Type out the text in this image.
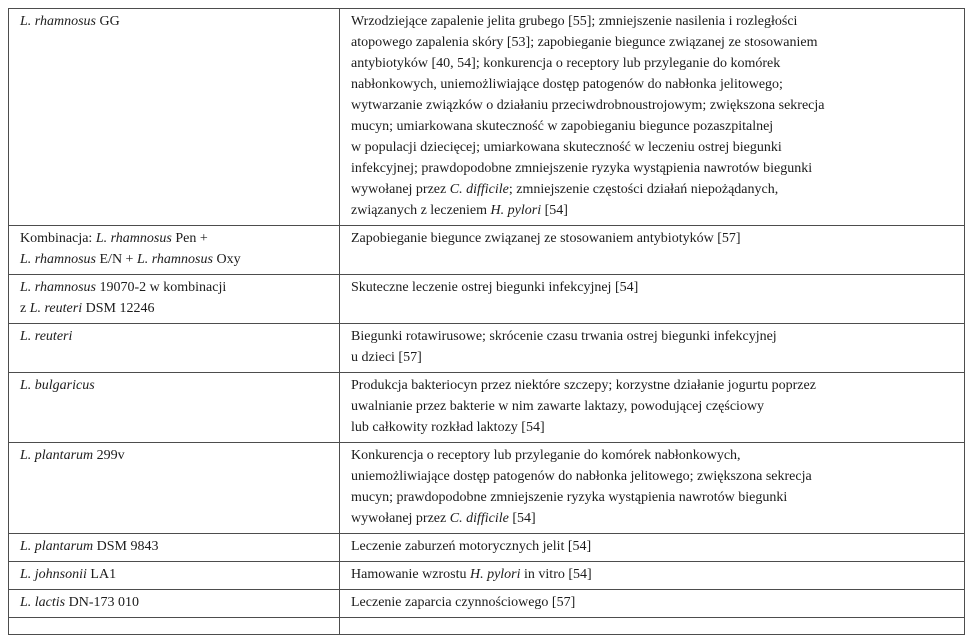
L. rhamnosus GG	Wrzodziejące zapalenie jelita grubego [55]; zmniejszenie nasilenia i rozległości
atopowego zapalenia skóry [53]; zapobieganie biegunce związanej ze stosowaniem
antybiotyków [40, 54]; konkurencja o receptory lub przyleganie do komórek
nabłonkowych, uniemożliwiające dostęp patogenów do nabłonka jelitowego;
wytwarzanie związków o działaniu przeciwdrobnoustrojowym; zwiększona sekrecja
mucyn; umiarkowana skuteczność w zapobieganiu biegunce pozaszpitalnej
w populacji dziecięcej; umiarkowana skuteczność w leczeniu ostrej biegunki
infekcyjnej; prawdopodobne zmniejszenie ryzyka wystąpienia nawrotów biegunki
wywołanej przez C. difficile; zmniejszenie częstości działań niepożądanych,
związanych z leczeniem H. pylori [54]
Kombinacja: L. rhamnosus Pen +
L. rhamnosus E/N + L. rhamnosus Oxy	Zapobieganie biegunce związanej ze stosowaniem antybiotyków [57]
L. rhamnosus 19070-2 w kombinacji
z L. reuteri DSM 12246	Skuteczne leczenie ostrej biegunki infekcyjnej [54]
L. reuteri	Biegunki rotawirusowe; skrócenie czasu trwania ostrej biegunki infekcyjnej
u dzieci [57]
L. bulgaricus	Produkcja bakteriocyn przez niektóre szczepy; korzystne działanie jogurtu poprzez
uwalnianie przez bakterie w nim zawarte laktazy, powodującej częściowy
lub całkowity rozkład laktozy [54]
L. plantarum 299v	Konkurencja o receptory lub przyleganie do komórek nabłonkowych,
uniemożliwiające dostęp patogenów do nabłonka jelitowego; zwiększona sekrecja
mucyn; prawdopodobne zmniejszenie ryzyka wystąpienia nawrotów biegunki
wywołanej przez C. difficile [54]
L. plantarum DSM 9843	Leczenie zaburzeń motorycznych jelit [54]
L. johnsonii LA1	Hamowanie wzrostu H. pylori in vitro [54]
L. lactis DN-173 010	Leczenie zaparcia czynnościowego [57]
